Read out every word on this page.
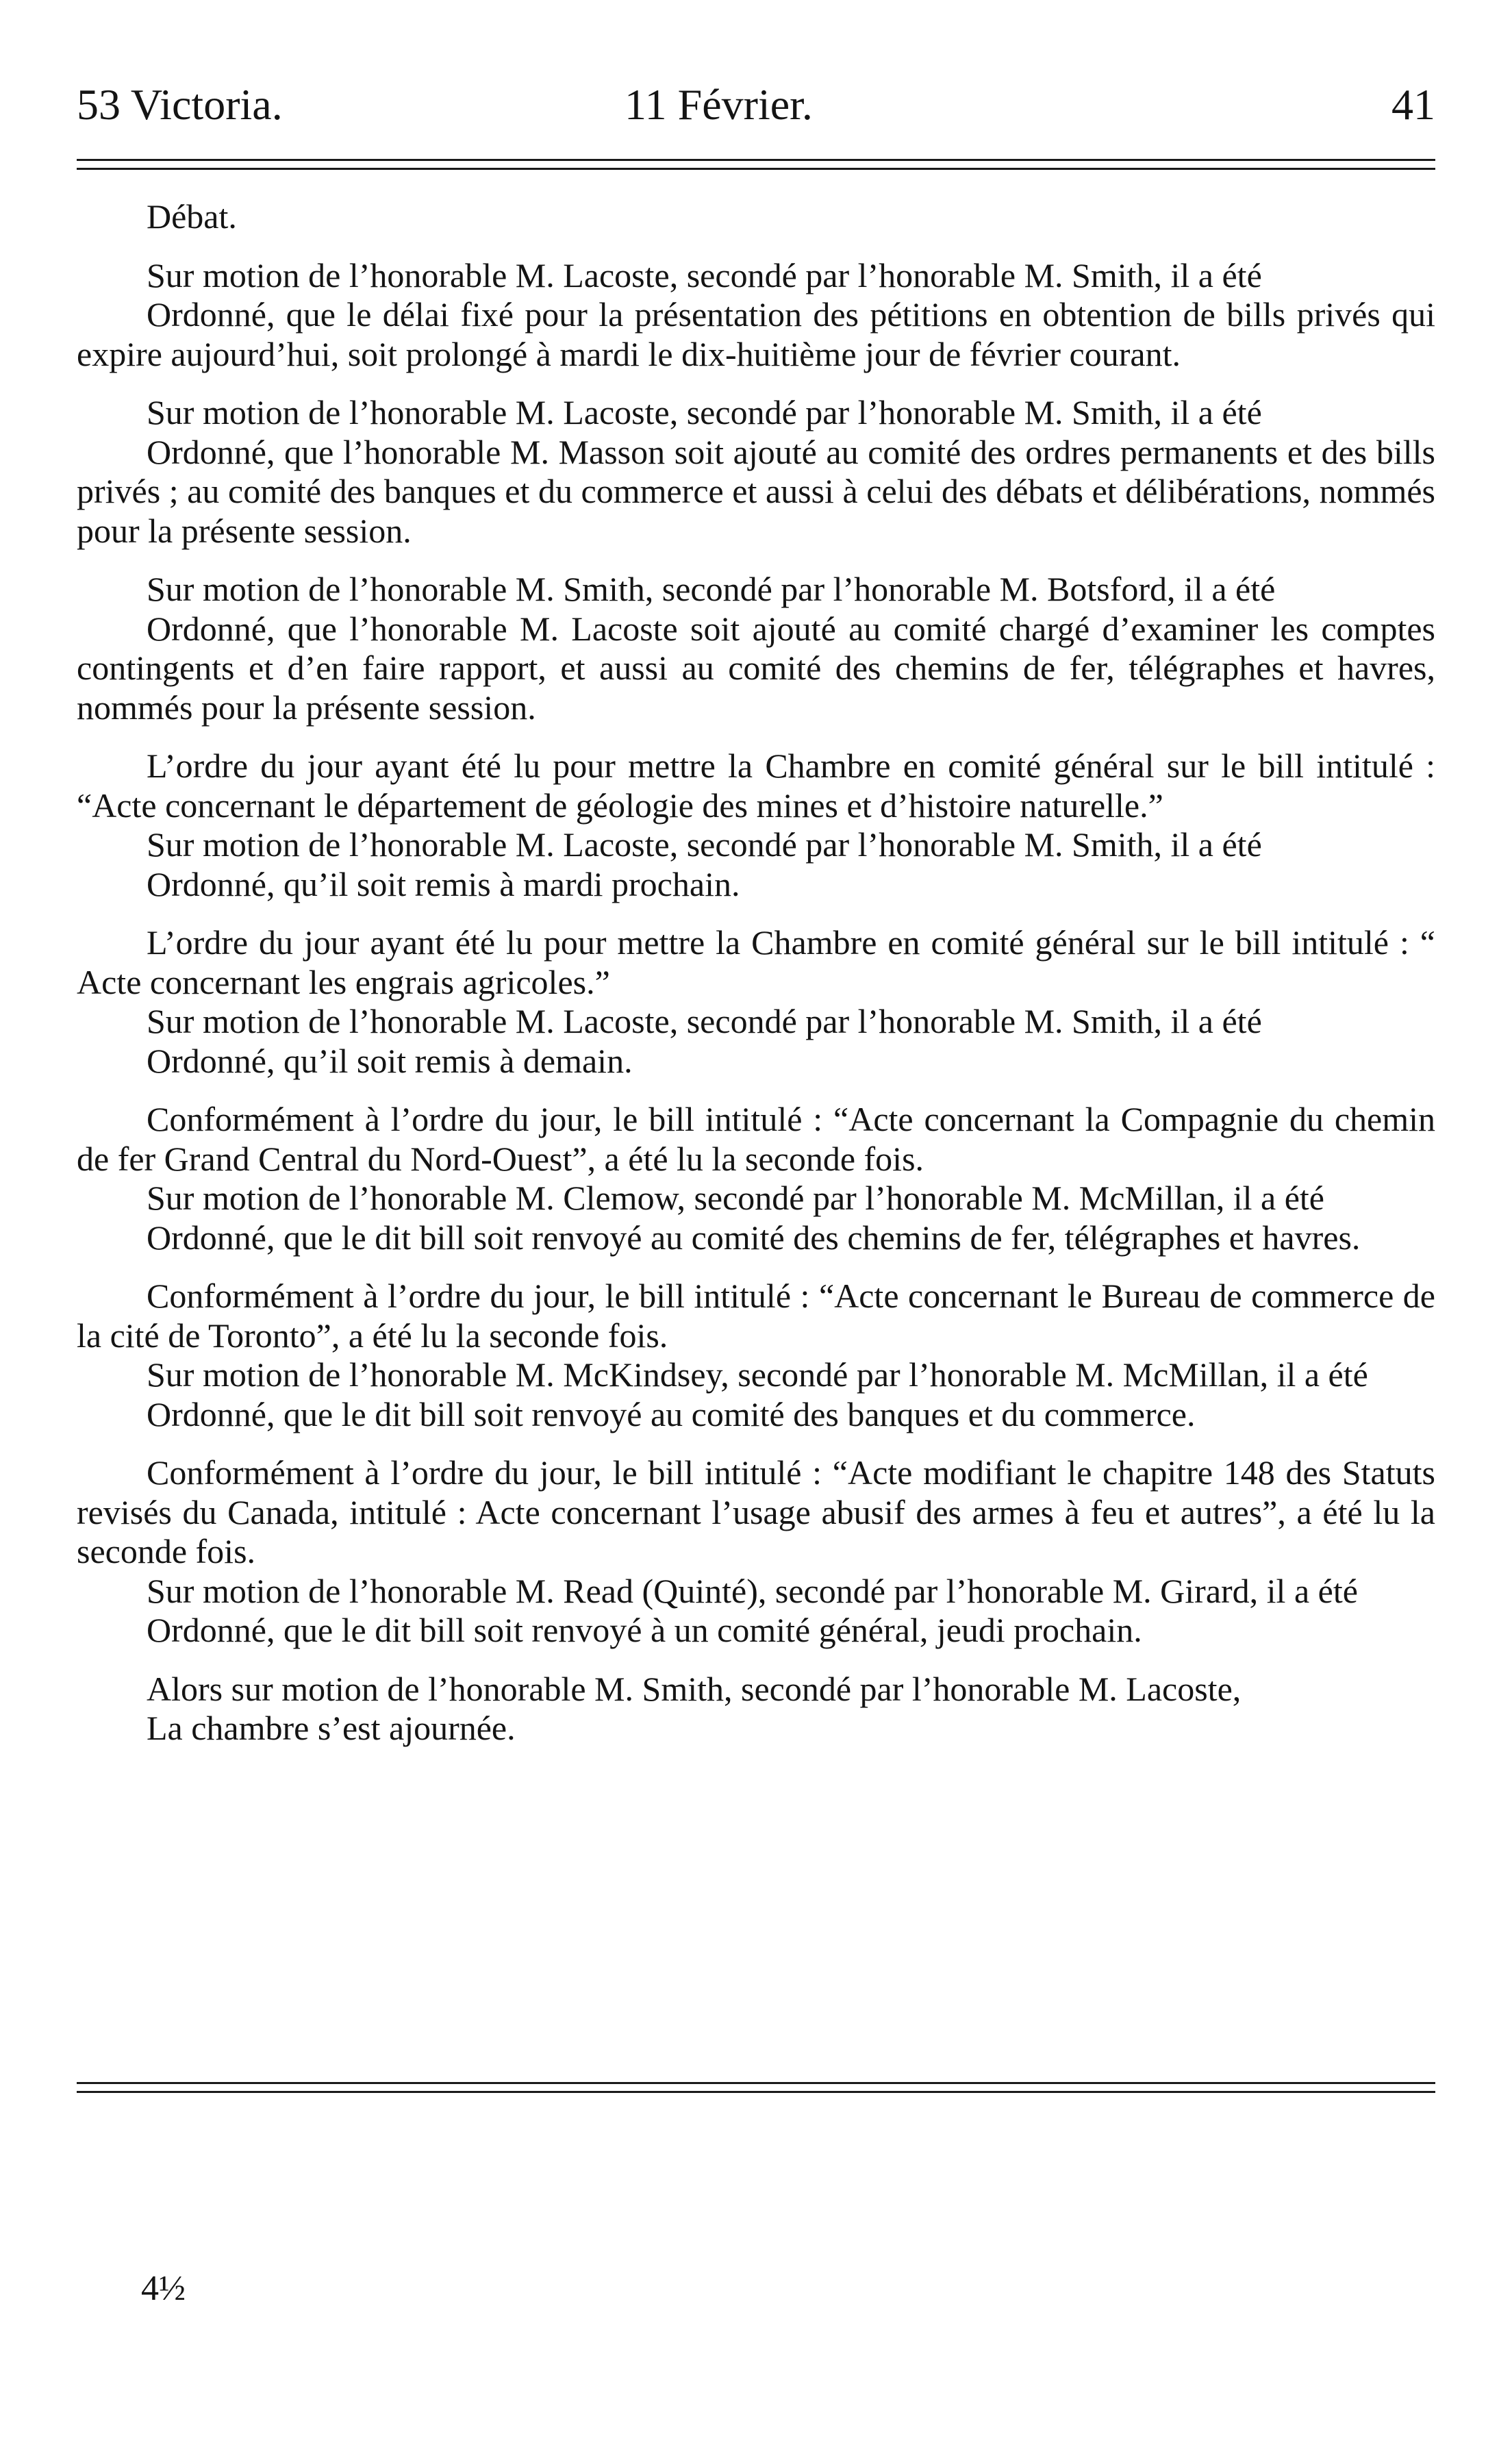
53 Victoria.	11 Février.	41

Débat.

Sur motion de l’honorable M. Lacoste, secondé par l’honorable M. Smith, il a été

Ordonné, que le délai fixé pour la présentation des pétitions en obtention de bills privés qui expire aujourd’hui, soit prolongé à mardi le dix-huitième jour de février courant.

Sur motion de l’honorable M. Lacoste, secondé par l’honorable M. Smith, il a été

Ordonné, que l’honorable M. Masson soit ajouté au comité des ordres permanents et des bills privés ; au comité des banques et du commerce et aussi à celui des débats et délibérations, nommés pour la présente session.

Sur motion de l’honorable M. Smith, secondé par l’honorable M. Botsford, il a été

Ordonné, que l’honorable M. Lacoste soit ajouté au comité chargé d’examiner les comptes contingents et d’en faire rapport, et aussi au comité des chemins de fer, télégraphes et havres, nommés pour la présente session.

L’ordre du jour ayant été lu pour mettre la Chambre en comité général sur le bill intitulé : “Acte concernant le département de géologie des mines et d’histoire naturelle.”

Sur motion de l’honorable M. Lacoste, secondé par l’honorable M. Smith, il a été

Ordonné, qu’il soit remis à mardi prochain.

L’ordre du jour ayant été lu pour mettre la Chambre en comité général sur le bill intitulé : “ Acte concernant les engrais agricoles.”

Sur motion de l’honorable M. Lacoste, secondé par l’honorable M. Smith, il a été

Ordonné, qu’il soit remis à demain.

Conformément à l’ordre du jour, le bill intitulé : “Acte concernant la Compagnie du chemin de fer Grand Central du Nord-Ouest”, a été lu la seconde fois.

Sur motion de l’honorable M. Clemow, secondé par l’honorable M. McMillan, il a été

Ordonné, que le dit bill soit renvoyé au comité des chemins de fer, télégraphes et havres.

Conformément à l’ordre du jour, le bill intitulé : “Acte concernant le Bureau de commerce de la cité de Toronto”, a été lu la seconde fois.

Sur motion de l’honorable M. McKindsey, secondé par l’honorable M. McMillan, il a été

Ordonné, que le dit bill soit renvoyé au comité des banques et du commerce.

Conformément à l’ordre du jour, le bill intitulé : “Acte modifiant le chapitre 148 des Statuts revisés du Canada, intitulé : Acte concernant l’usage abusif des armes à feu et autres”, a été lu la seconde fois.

Sur motion de l’honorable M. Read (Quinté), secondé par l’honorable M. Girard, il a été

Ordonné, que le dit bill soit renvoyé à un comité général, jeudi prochain.

Alors sur motion de l’honorable M. Smith, secondé par l’honorable M. Lacoste,

La chambre s’est ajournée.

4½
